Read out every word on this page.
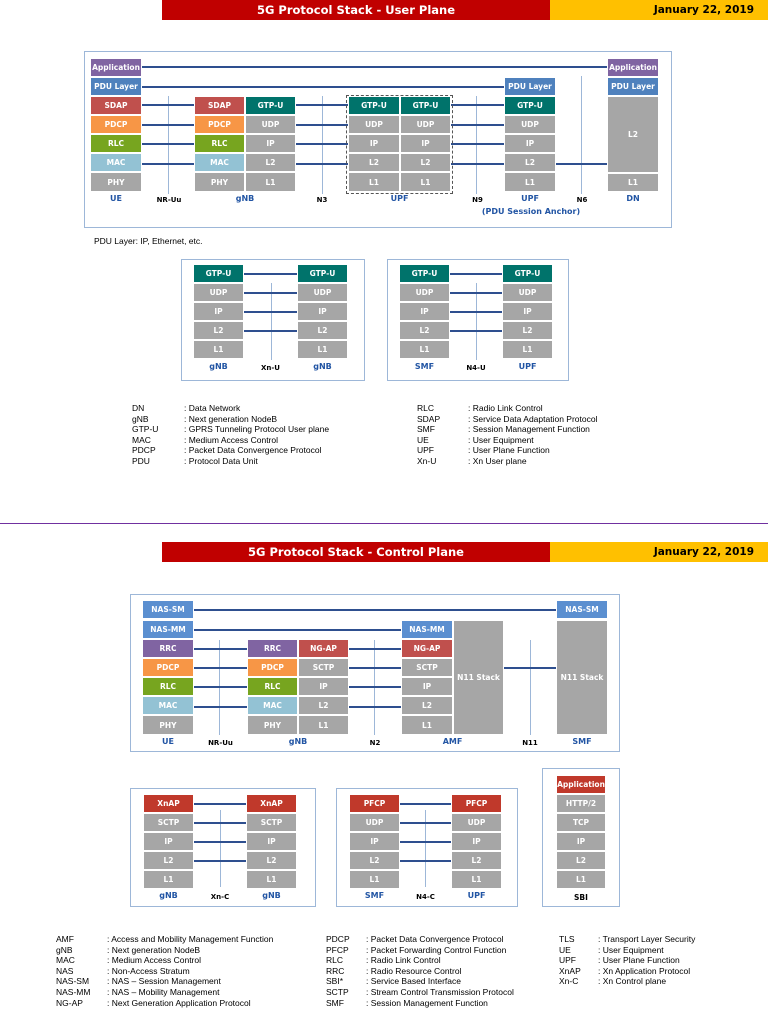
5G Protocol Stack - User Plane	January 22, 2019
Application
PDU Layer
SDAP
PDCP
RLC
MAC
PHY
SDAP
PDCP
RLC
MAC
PHY
GTP-U
UDP
IP
L2
L1
GTP-U
UDP
IP
L2
L1
GTP-U
UDP
IP
L2
L1
PDU Layer
GTP-U
UDP
IP
L2
L1
Application
PDU Layer
L2
L1
UE	NR-Uu	gNB	N3	UPF	N9	UPF	N6	DN
(PDU Session Anchor)
PDU Layer: IP, Ethernet, etc.
GTP-U	GTP-U
UDP	UDP
IP	IP
L2	L2
L1	L1
gNB	Xn-U	gNB
GTP-U	GTP-U
UDP	UDP
IP	IP
L2	L2
L1	L1
SMF	N4-U	UPF
DN	: Data Network
gNB	: Next generation NodeB
GTP-U	: GPRS Tunneling Protocol User plane
MAC	: Medium Access Control
PDCP	: Packet Data Convergence Protocol
PDU	: Protocol Data Unit
RLC	: Radio Link Control
SDAP	: Service Data Adaptation Protocol
SMF	: Session Management Function
UE	: User Equipment
UPF	: User Plane Function
Xn-U	: Xn User plane
5G Protocol Stack - Control Plane	January 22, 2019
NAS-SM
NAS-MM
RRC
PDCP
RLC
MAC
PHY
RRC
PDCP
RLC
MAC
PHY
NG-AP
SCTP
IP
L2
L1
NAS-MM
NG-AP
SCTP
IP
L2
L1
N11 Stack
NAS-SM
N11 Stack
UE	NR-Uu	gNB	N2	AMF	N11	SMF
XnAP	XnAP
SCTP	SCTP
IP	IP
L2	L2
L1	L1
gNB	Xn-C	gNB
PFCP	PFCP
UDP	UDP
IP	IP
L2	L2
L1	L1
SMF	N4-C	UPF
Application
HTTP/2
TCP
IP
L2
L1
SBI
AMF	: Access and Mobility Management Function
gNB	: Next generation NodeB
MAC	: Medium Access Control
NAS	: Non-Access Stratum
NAS-SM	: NAS – Session Management
NAS-MM	: NAS – Mobility Management
NG-AP	: Next Generation Application Protocol
PDCP	: Packet Data Convergence Protocol
PFCP	: Packet Forwarding Control Function
RLC	: Radio Link Control
RRC	: Radio Resource Control
SBI*	: Service Based Interface
SCTP	: Stream Control Transmission Protocol
SMF	: Session Management Function
TLS	: Transport Layer Security
UE	: User Equipment
UPF	: User Plane Function
XnAP	: Xn Application Protocol
Xn-C	: Xn Control plane
